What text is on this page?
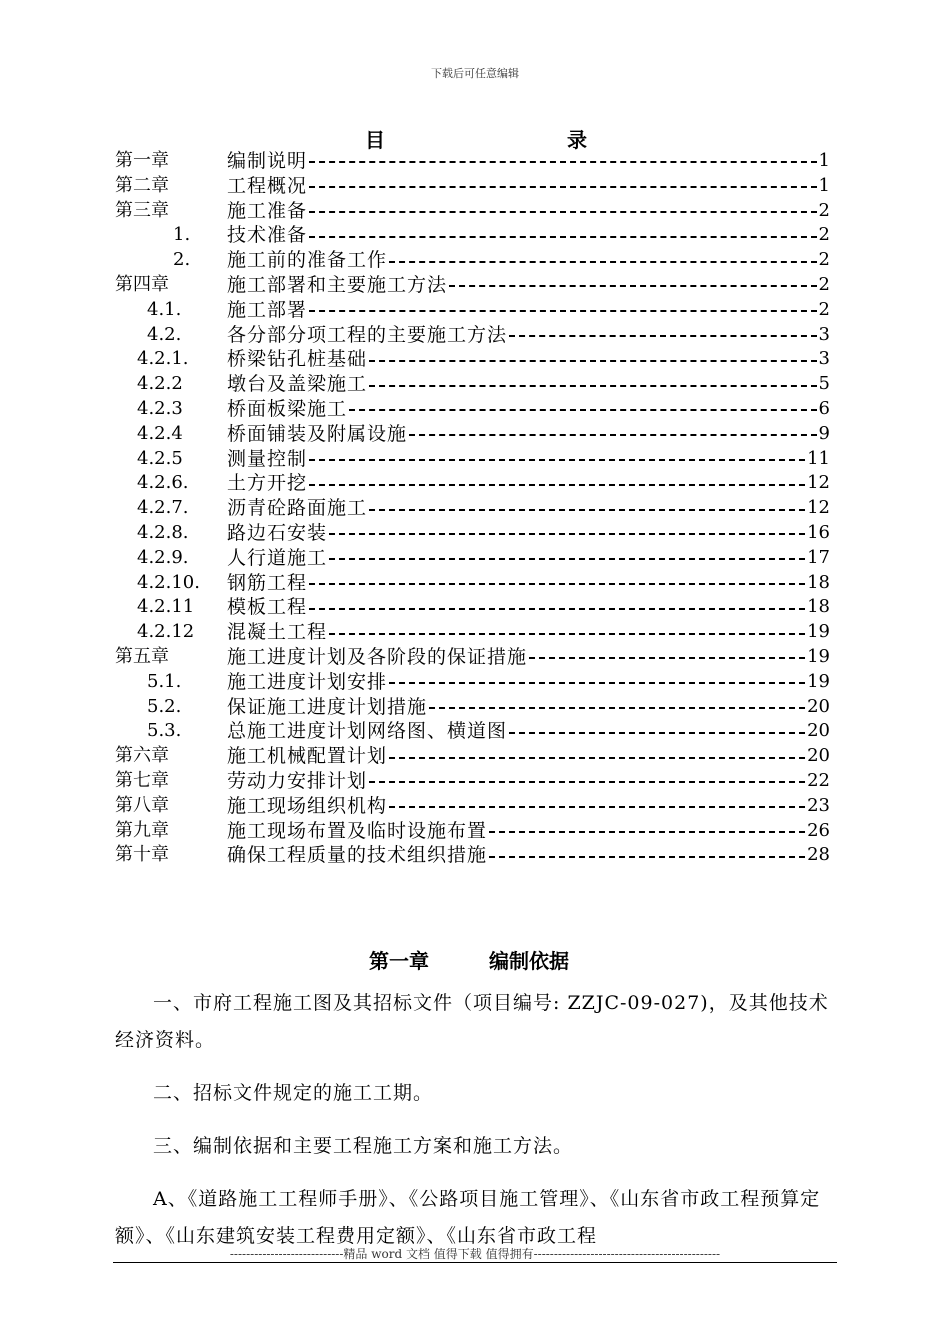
下载后可任意编辑
目	录
第一章	编制说明	1
第二章	工程概况	1
第三章	施工准备	2
1. 技术准备	2
2. 施工前的准备工作	2
第四章	施工部署和主要施工方法	2
4.1. 施工部署	2
4.2. 各分部分项工程的主要施工方法	3
4.2.1. 桥梁钻孔桩基础	3
4.2.2 墩台及盖梁施工	5
4.2.3 桥面板梁施工	6
4.2.4 桥面铺装及附属设施	9
4.2.5 测量控制	11
4.2.6. 土方开挖	12
4.2.7. 沥青砼路面施工	12
4.2.8. 路边石安装	16
4.2.9. 人行道施工	17
4.2.10. 钢筋工程	18
4.2.11 模板工程	18
4.2.12 混凝土工程	19
第五章	施工进度计划及各阶段的保证措施	19
5.1. 施工进度计划安排	19
5.2. 保证施工进度计划措施	20
5.3. 总施工进度计划网络图、横道图	20
第六章	施工机械配置计划	20
第七章	劳动力安排计划	22
第八章	施工现场组织机构	23
第九章	施工现场布置及临时设施布置	26
第十章	确保工程质量的技术组织措施	28
第一章	编制依据

一、市府工程施工图及其招标文件（项目编号: ZZJC-09-027)，及其他技术经济资料。

二、招标文件规定的施工工期。

三、编制依据和主要工程施工方案和施工方法。

A、《道路施工工程师手册》、《公路项目施工管理》、《山东省市政工程预算定额》、《山东建筑安装工程费用定额》、《山东省市政工程

----------------------------精品 word 文档 值得下载 值得拥有----------------------------------------------
